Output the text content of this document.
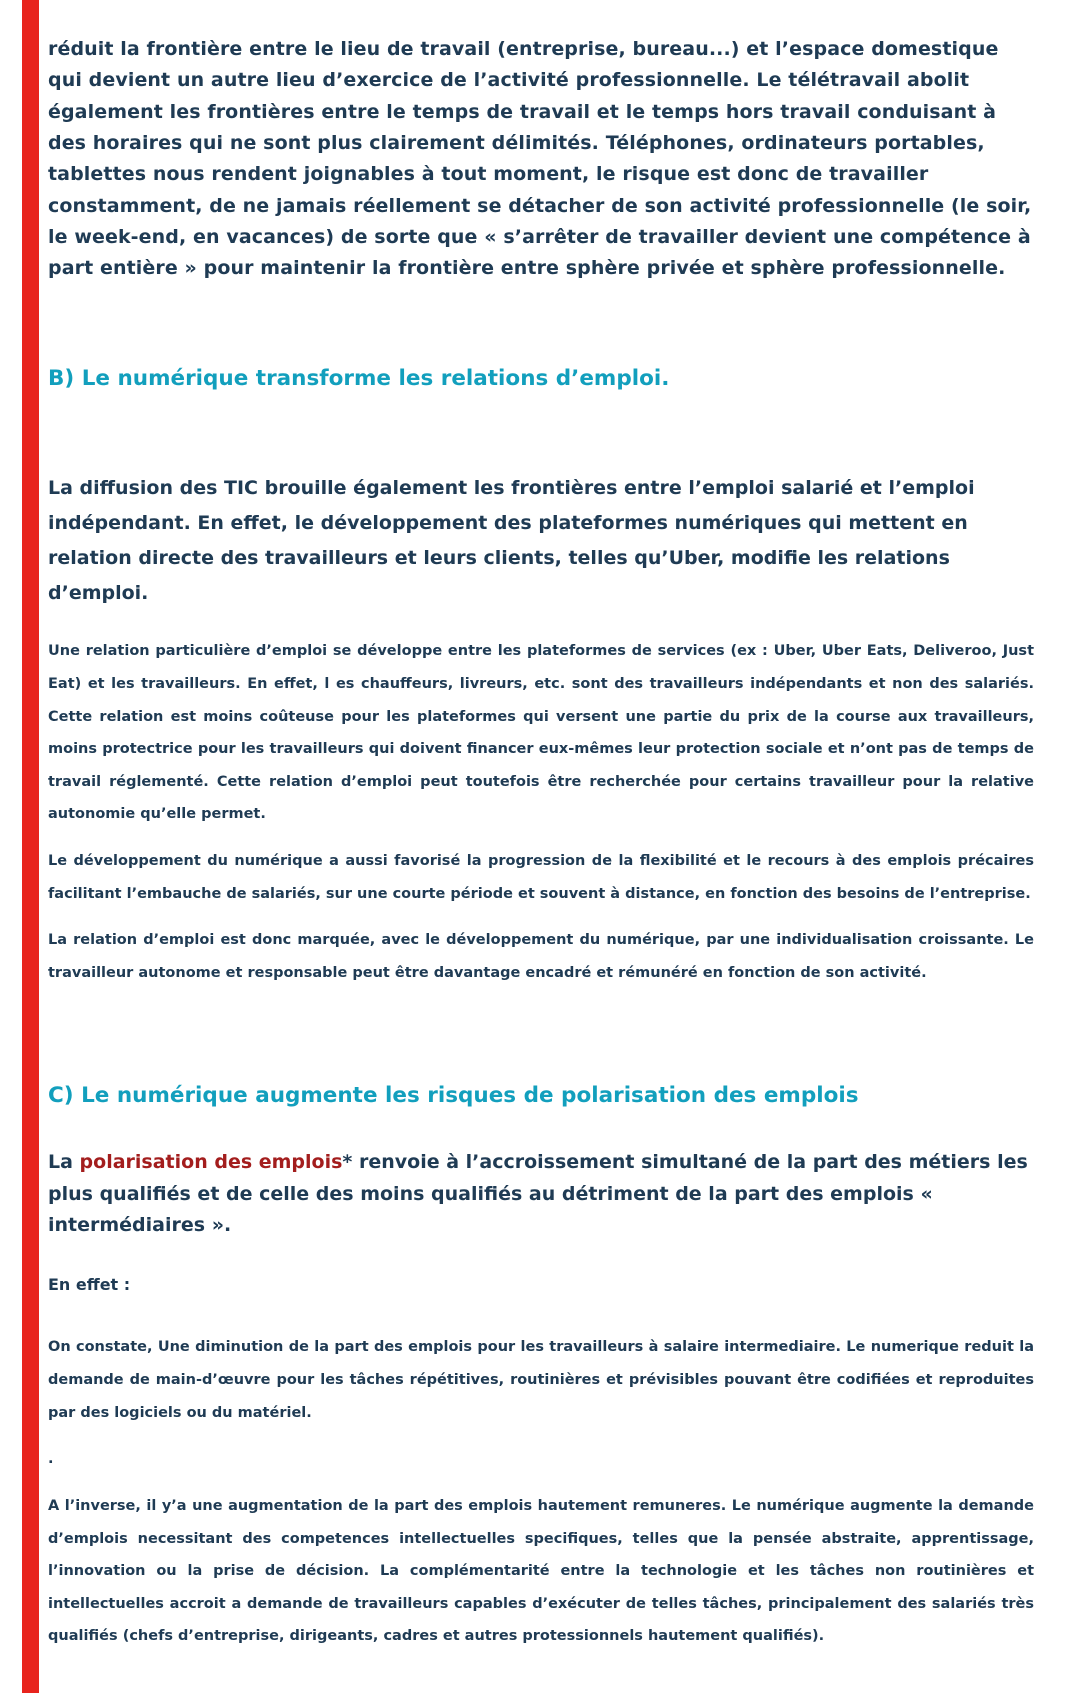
réduit la frontière entre le lieu de travail (entreprise, bureau...) et l’espace domestique qui devient un autre lieu d’exercice de l’activité professionnelle. Le télétravail abolit également les frontières entre le temps de travail et le temps hors travail conduisant à des horaires qui ne sont plus clairement délimités. Téléphones, ordinateurs portables, tablettes nous rendent joignables à tout moment, le risque est donc de travailler constamment, de ne jamais réellement se détacher de son activité professionnelle (le soir, le week-end, en vacances) de sorte que « s’arrêter de travailler devient une compétence à part entière » pour maintenir la frontière entre sphère privée et sphère professionnelle.

B) Le numérique transforme les relations d’emploi.

La diffusion des TIC brouille également les frontières entre l’emploi salarié et l’emploi indépendant. En effet, le développement des plateformes numériques qui mettent en relation directe des travailleurs et leurs clients, telles qu’Uber, modifie les relations d’emploi.

Une relation particulière d’emploi se développe entre les plateformes de services (ex : Uber, Uber Eats, Deliveroo, Just Eat) et les travailleurs. En effet, l es chauffeurs, livreurs, etc. sont des travailleurs indépendants et non des salariés. Cette relation est moins coûteuse pour les plateformes qui versent une partie du prix de la course aux travailleurs, moins protectrice pour les travailleurs qui doivent financer eux-mêmes leur protection sociale et n’ont pas de temps de travail réglementé. Cette relation d’emploi peut toutefois être recherchée pour certains travailleur pour la relative autonomie qu’elle permet.

Le développement du numérique a aussi favorisé la progression de la flexibilité et le recours à des emplois précaires facilitant l’embauche de salariés, sur une courte période et souvent à distance, en fonction des besoins de l’entreprise.

La relation d’emploi est donc marquée, avec le développement du numérique, par une individualisation croissante. Le travailleur autonome et responsable peut être davantage encadré et rémunéré en fonction de son activité.

C) Le numérique augmente les risques de polarisation des emplois

La polarisation des emplois* renvoie à l’accroissement simultané de la part des métiers les plus qualifiés et de celle des moins qualifiés au détriment de la part des emplois « intermédiaires ».

En effet :

On constate, Une diminution de la part des emplois pour les travailleurs à salaire intermediaire. Le numerique reduit la demande de main-d’œuvre pour les tâches répétitives, routinières et prévisibles pouvant être codifiées et reproduites par des logiciels ou du matériel.

.

A l’inverse, il y’a une augmentation de la part des emplois hautement remuneres. Le numérique augmente la demande d’emplois necessitant des competences intellectuelles specifiques, telles que la pensée abstraite, apprentissage, l’innovation ou la prise de décision. La complémentarité entre la technologie et les tâches non routinières et intellectuelles accroit a demande de travailleurs capables d’exécuter de telles tâches, principalement des salariés très qualifiés (chefs d’entreprise, dirigeants, cadres et autres protessionnels hautement qualifiés).
